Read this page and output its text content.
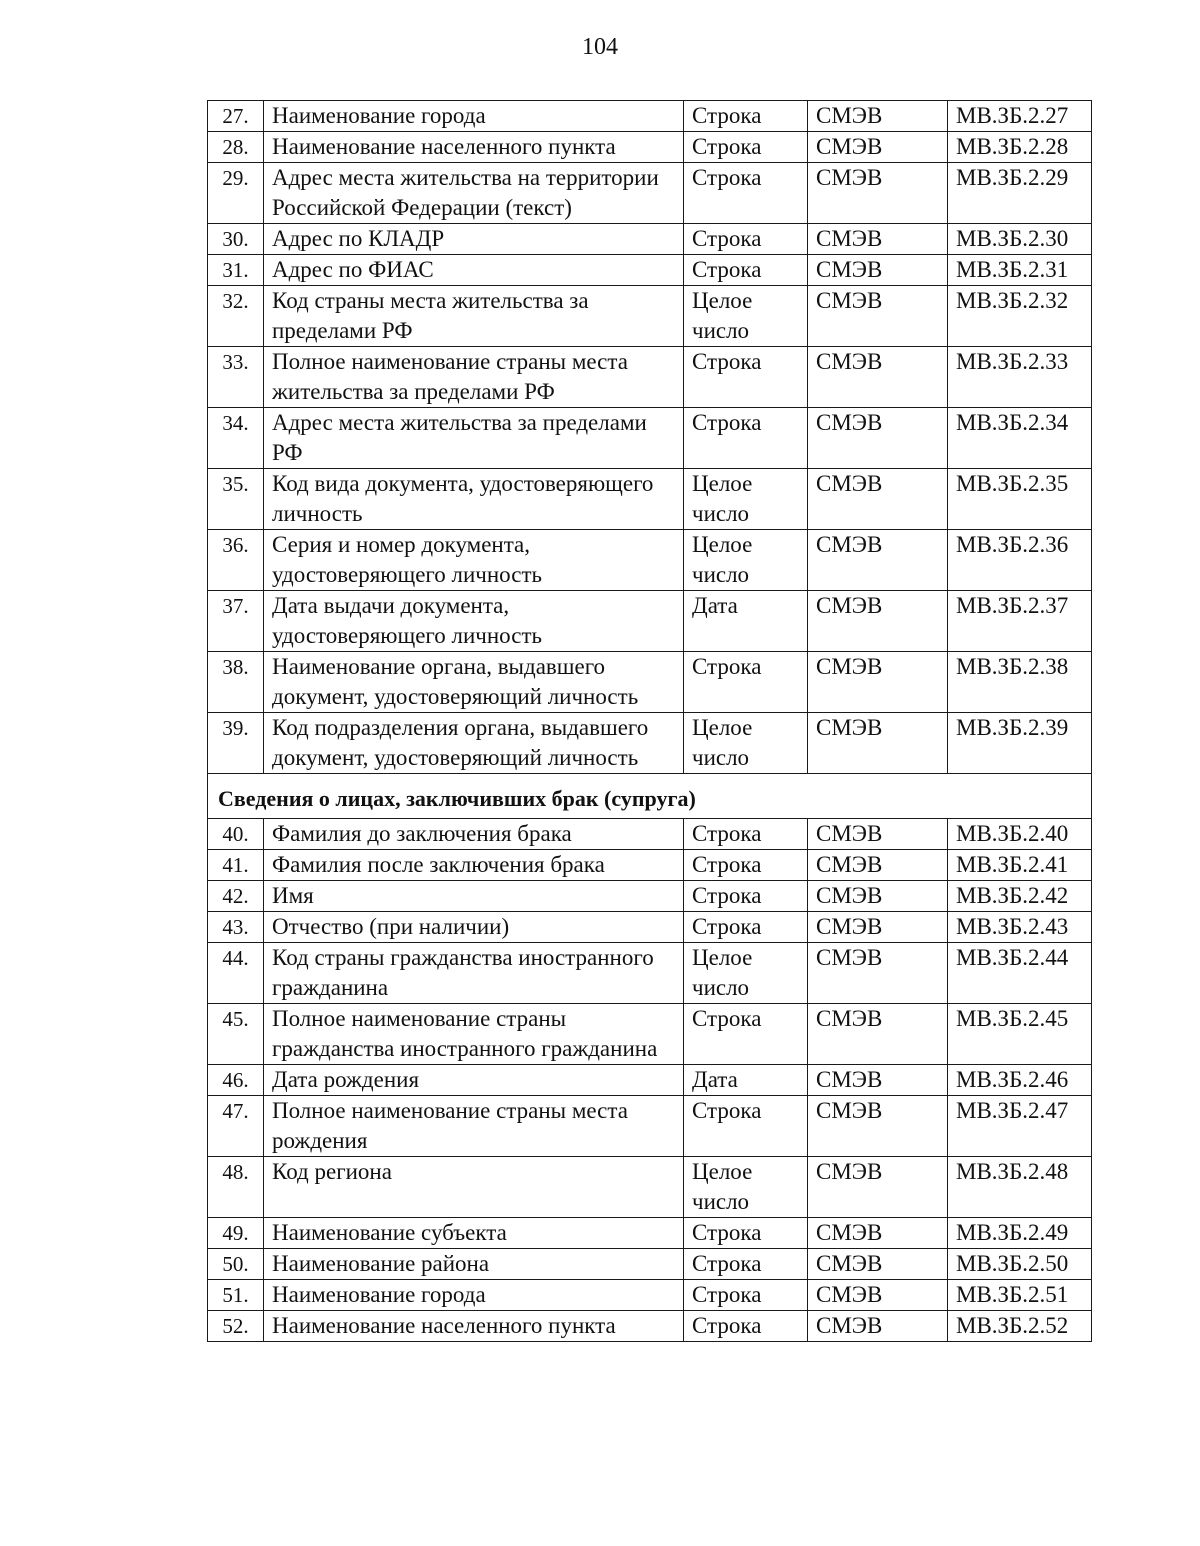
104
27.	Наименование города	Строка	СМЭВ	МВ.ЗБ.2.27
28.	Наименование населенного пункта	Строка	СМЭВ	МВ.ЗБ.2.28
29.	Адрес места жительства на территории Российской Федерации (текст)	Строка	СМЭВ	МВ.ЗБ.2.29
30.	Адрес по КЛАДР	Строка	СМЭВ	МВ.ЗБ.2.30
31.	Адрес по ФИАС	Строка	СМЭВ	МВ.ЗБ.2.31
32.	Код страны места жительства за пределами РФ	Целое число	СМЭВ	МВ.ЗБ.2.32
33.	Полное наименование страны места жительства за пределами РФ	Строка	СМЭВ	МВ.ЗБ.2.33
34.	Адрес места жительства за пределами РФ	Строка	СМЭВ	МВ.ЗБ.2.34
35.	Код вида документа, удостоверяющего личность	Целое число	СМЭВ	МВ.ЗБ.2.35
36.	Серия и номер документа, удостоверяющего личность	Целое число	СМЭВ	МВ.ЗБ.2.36
37.	Дата выдачи документа, удостоверяющего личность	Дата	СМЭВ	МВ.ЗБ.2.37
38.	Наименование органа, выдавшего документ, удостоверяющий личность	Строка	СМЭВ	МВ.ЗБ.2.38
39.	Код подразделения органа, выдавшего документ, удостоверяющий личность	Целое число	СМЭВ	МВ.ЗБ.2.39
Сведения о лицах, заключивших брак (супруга)				
40.	Фамилия до заключения брака	Строка	СМЭВ	МВ.ЗБ.2.40
41.	Фамилия после заключения брака	Строка	СМЭВ	МВ.ЗБ.2.41
42.	Имя	Строка	СМЭВ	МВ.ЗБ.2.42
43.	Отчество (при наличии)	Строка	СМЭВ	МВ.ЗБ.2.43
44.	Код страны гражданства иностранного гражданина	Целое число	СМЭВ	МВ.ЗБ.2.44
45.	Полное наименование страны гражданства иностранного гражданина	Строка	СМЭВ	МВ.ЗБ.2.45
46.	Дата рождения	Дата	СМЭВ	МВ.ЗБ.2.46
47.	Полное наименование страны места рождения	Строка	СМЭВ	МВ.ЗБ.2.47
48.	Код региона	Целое число	СМЭВ	МВ.ЗБ.2.48
49.	Наименование субъекта	Строка	СМЭВ	МВ.ЗБ.2.49
50.	Наименование района	Строка	СМЭВ	МВ.ЗБ.2.50
51.	Наименование города	Строка	СМЭВ	МВ.ЗБ.2.51
52.	Наименование населенного пункта	Строка	СМЭВ	МВ.ЗБ.2.52
